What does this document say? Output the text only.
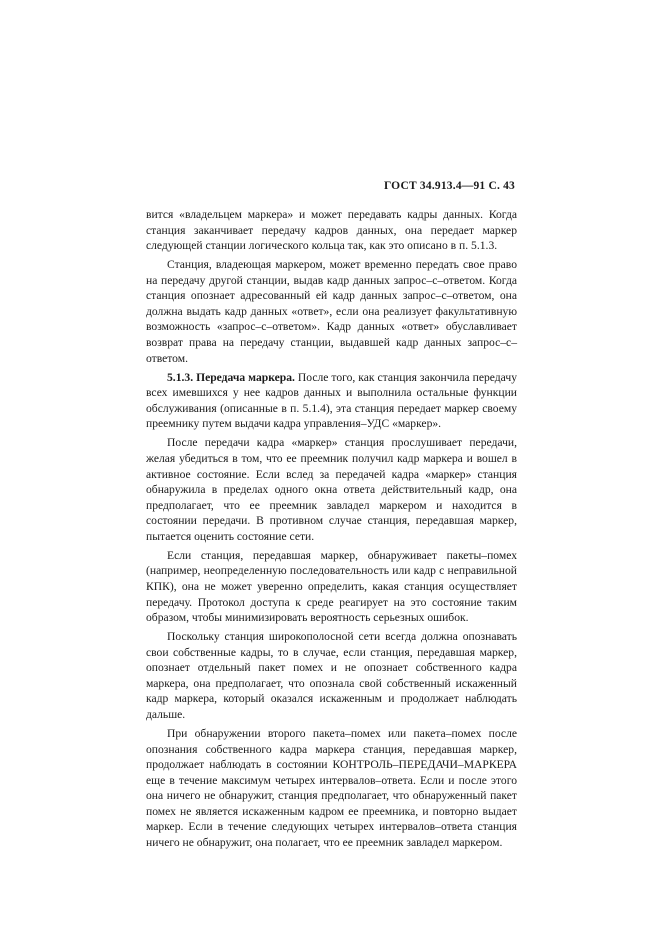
ГОСТ 34.913.4—91 С. 43

вится «владельцем маркера» и может передавать кадры данных. Когда станция заканчивает передачу кадров данных, она передает маркер следующей станции логического кольца так, как это описано в п. 5.1.3.

Станция, владеющая маркером, может временно передать свое право на передачу другой станции, выдав кадр данных запрос–с–ответом. Когда станция опознает адресованный ей кадр данных запрос–с–ответом, она должна выдать кадр данных «ответ», если она реализует факультативную возможность «запрос–с–ответом». Кадр данных «ответ» обуславливает возврат права на передачу станции, выдавшей кадр данных запрос–с–ответом.

5.1.3. Передача маркера. После того, как станция закончила передачу всех имевшихся у нее кадров данных и выполнила остальные функции обслуживания (описанные в п. 5.1.4), эта станция передает маркер своему преемнику путем выдачи кадра управления–УДС «маркер».

После передачи кадра «маркер» станция прослушивает передачи, желая убедиться в том, что ее преемник получил кадр маркера и вошел в активное состояние. Если вслед за передачей кадра «маркер» станция обнаружила в пределах одного окна ответа действительный кадр, она предполагает, что ее преемник завладел маркером и находится в состоянии передачи. В противном случае станция, передавшая маркер, пытается оценить состояние сети.

Если станция, передавшая маркер, обнаруживает пакеты–помех (например, неопределенную последовательность или кадр с неправильной КПК), она не может уверенно определить, какая станция осуществляет передачу. Протокол доступа к среде реагирует на это состояние таким образом, чтобы минимизировать вероятность серьезных ошибок.

Поскольку станция широкополосной сети всегда должна опознавать свои собственные кадры, то в случае, если станция, передавшая маркер, опознает отдельный пакет помех и не опознает собственного кадра маркера, она предполагает, что опознала свой собственный искаженный кадр маркера, который оказался искаженным и продолжает наблюдать дальше.

При обнаружении второго пакета–помех или пакета–помех после опознания собственного кадра маркера станция, передавшая маркер, продолжает наблюдать в состоянии КОНТРОЛЬ–ПЕРЕДАЧИ–МАРКЕРА еще в течение максимум четырех интервалов–ответа. Если и после этого она ничего не обнаружит, станция предполагает, что обнаруженный пакет помех не является искаженным кадром ее преемника, и повторно выдает маркер. Если в течение следующих четырех интервалов–ответа станция ничего не обнаружит, она полагает, что ее преемник завладел маркером.
